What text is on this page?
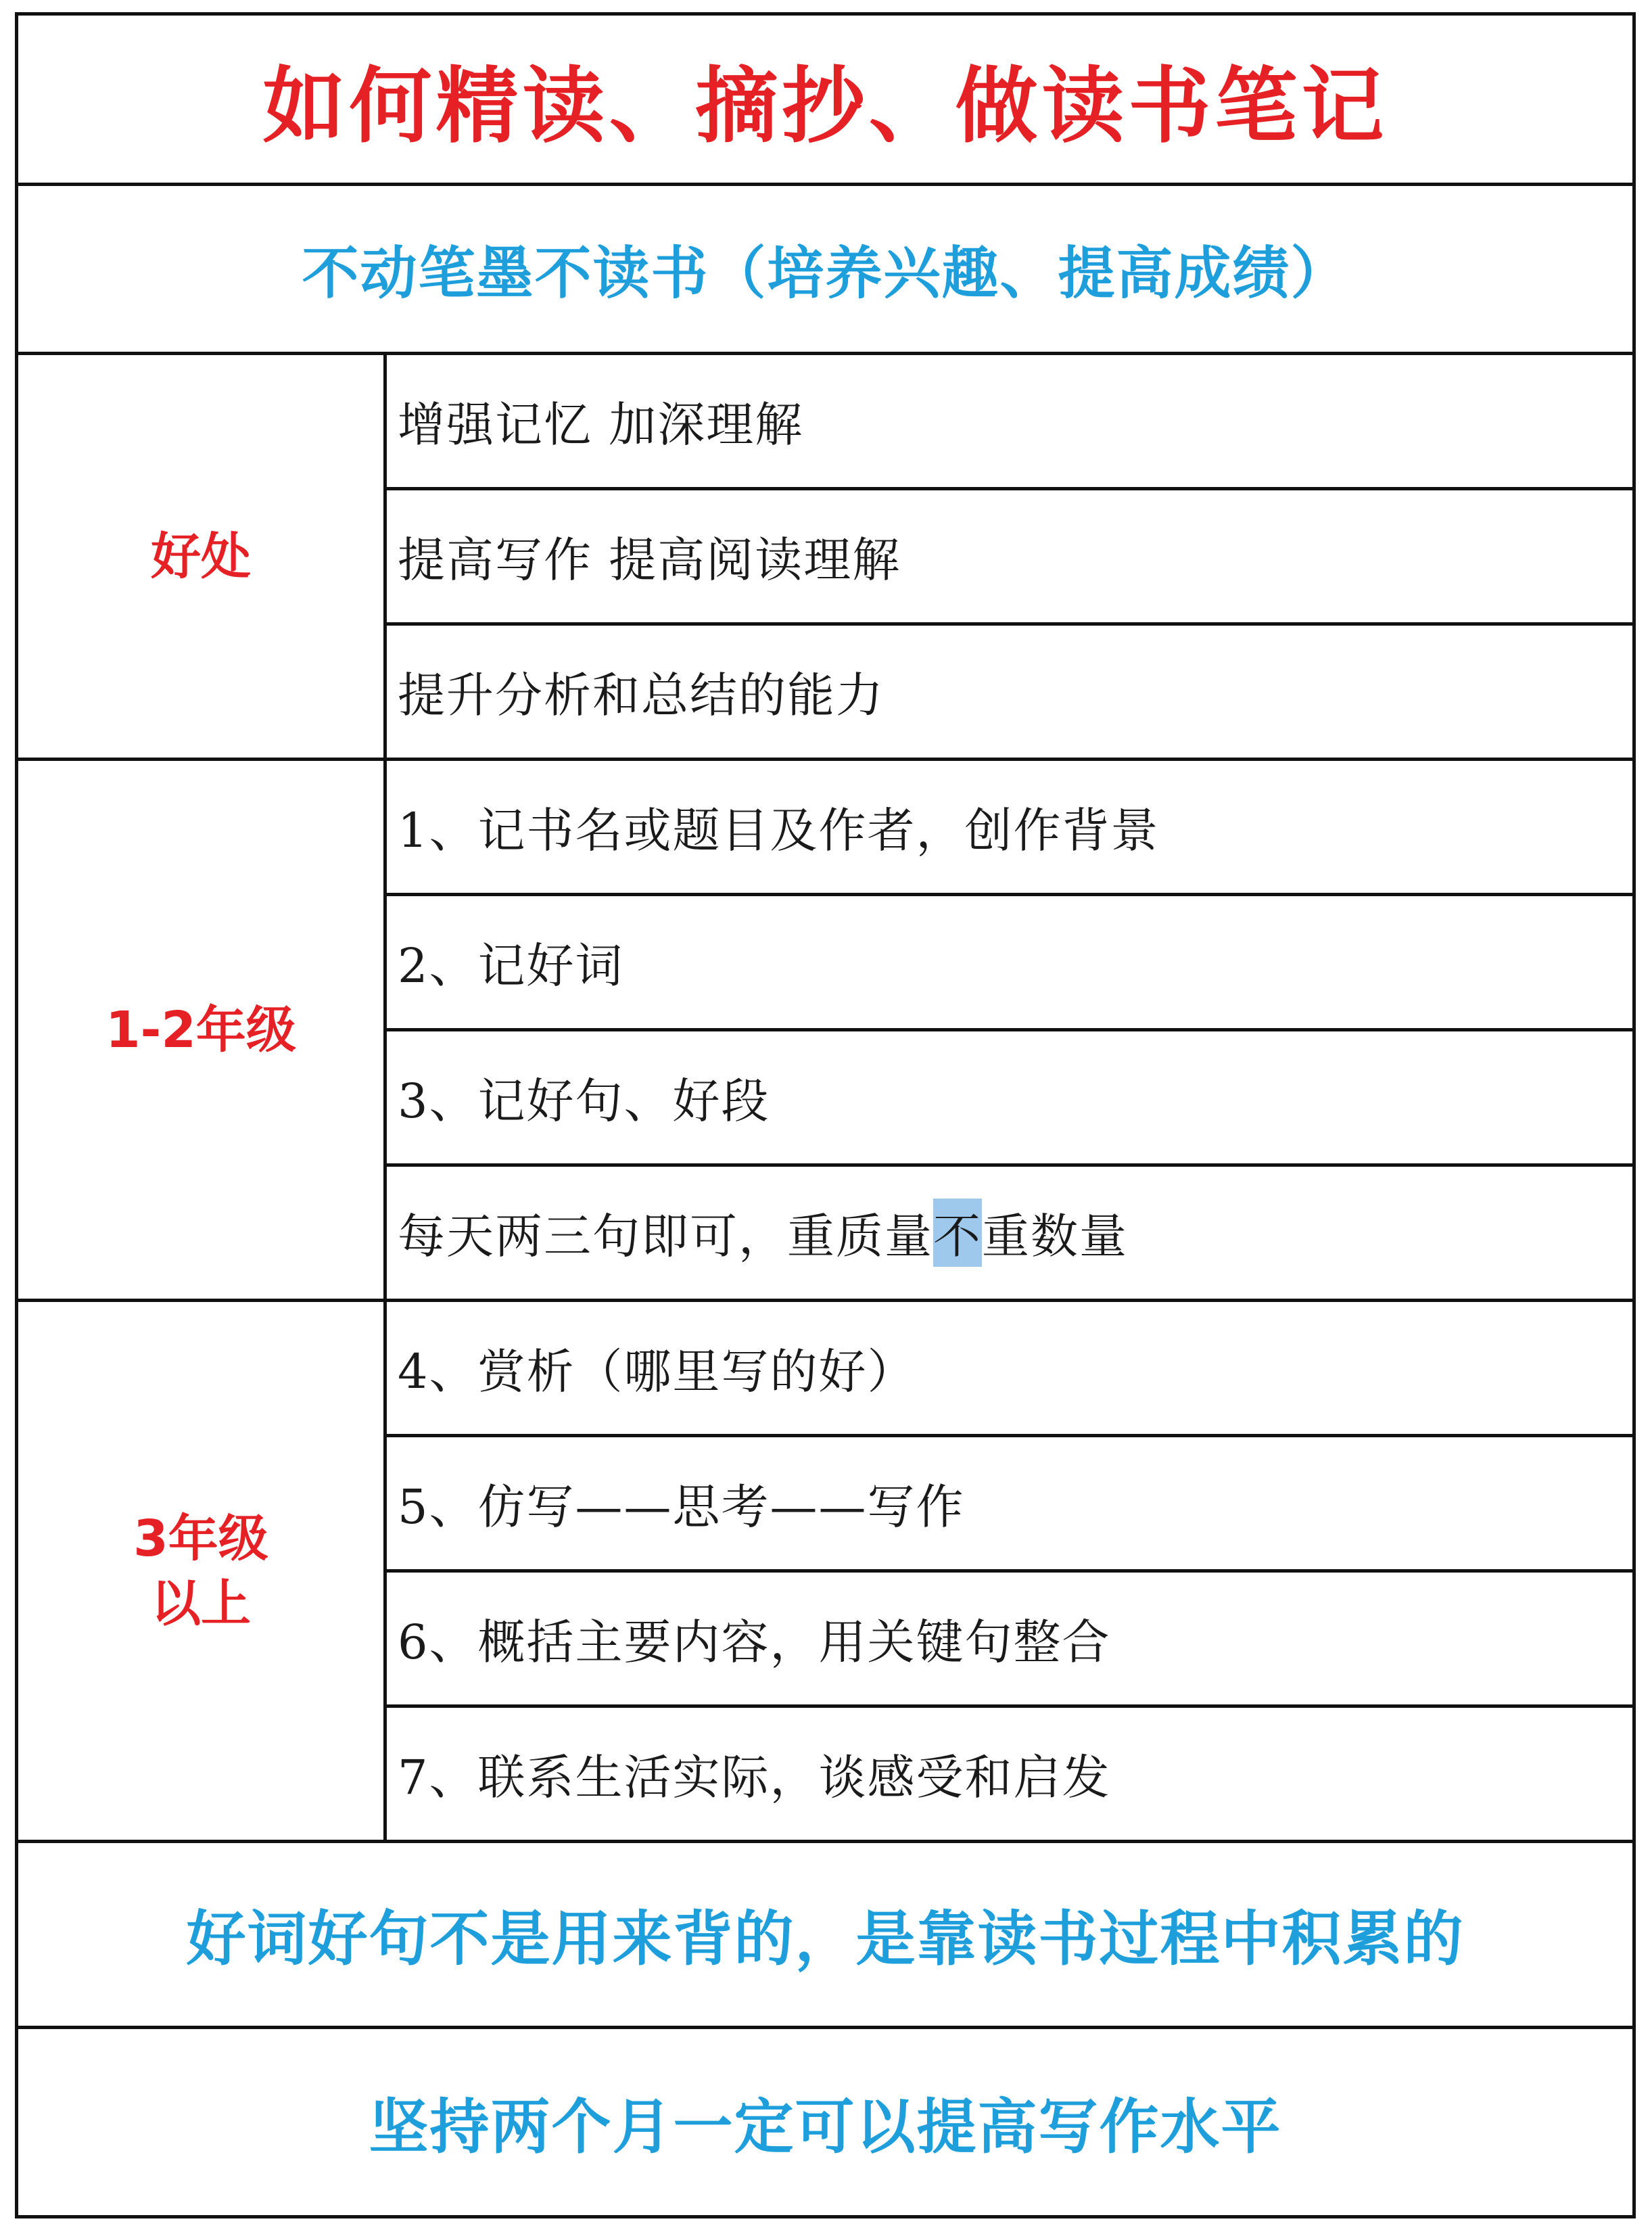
如何精读、摘抄、做读书笔记
不动笔墨不读书（培养兴趣、提高成绩）
好处
增强记忆 加深理解
提高写作 提高阅读理解
提升分析和总结的能力
1-2年级
1、记书名或题目及作者，创作背景
2、记好词
3、记好句、好段
每天两三句即可，重质量 不 重数量
3年级
以上
4、赏析（哪里写的好）
5、仿写——思考——写作
6、概括主要内容，用关键句整合
7、联系生活实际，谈感受和启发
好词好句不是用来背的，是靠读书过程中积累的
坚持两个月一定可以提高写作水平
